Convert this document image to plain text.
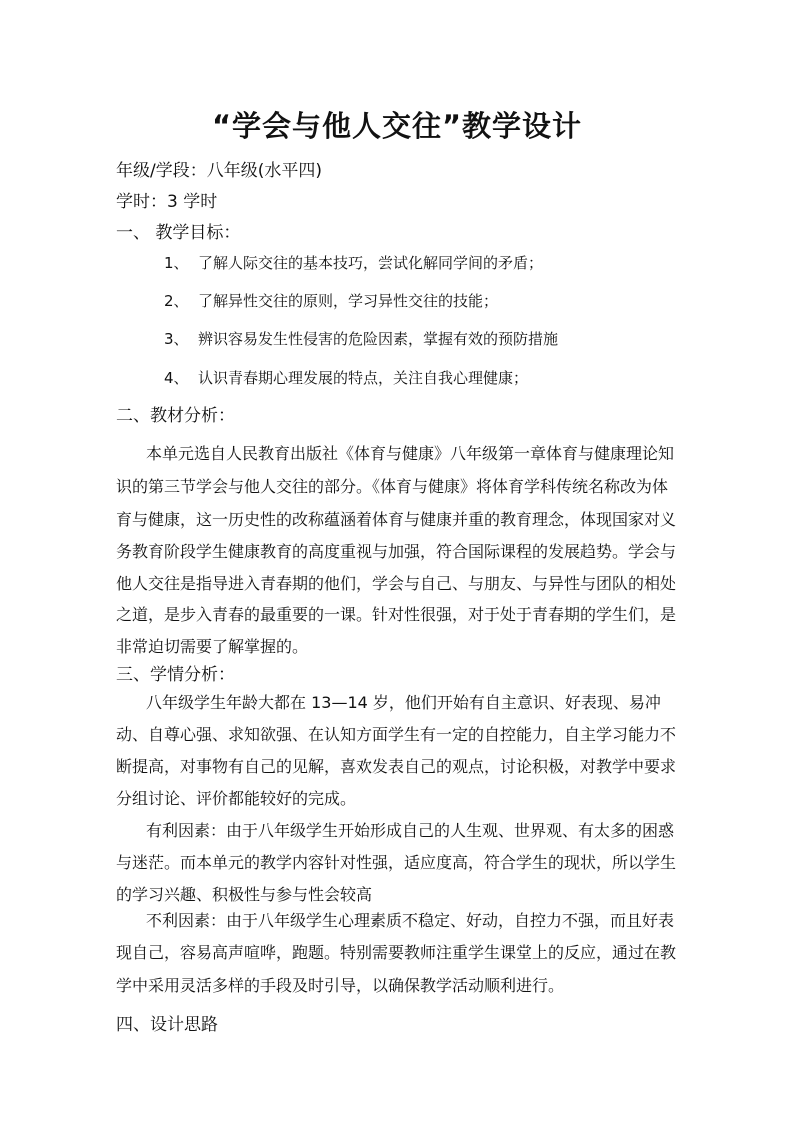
“学会与他人交往”教学设计
年级/学段：八年级(水平四)
学时：3 学时
一、 教学目标：
1、 了解人际交往的基本技巧，尝试化解同学间的矛盾；
2、 了解异性交往的原则，学习异性交往的技能；
3、 辨识容易发生性侵害的危险因素，掌握有效的预防措施
4、 认识青春期心理发展的特点，关注自我心理健康；
二、教材分析：
本单元选自人民教育出版社《体育与健康》八年级第一章体育与健康理论知
识的第三节学会与他人交往的部分。《体育与健康》将体育学科传统名称改为体
育与健康，这一历史性的改称蕴涵着体育与健康并重的教育理念，体现国家对义
务教育阶段学生健康教育的高度重视与加强，符合国际课程的发展趋势。学会与
他人交往是指导进入青春期的他们，学会与自己、与朋友、与异性与团队的相处
之道，是步入青春的最重要的一课。针对性很强，对于处于青春期的学生们，是
非常迫切需要了解掌握的。
三、学情分析：
八年级学生年龄大都在 13—14 岁，他们开始有自主意识、好表现、易冲
动、自尊心强、求知欲强、在认知方面学生有一定的自控能力，自主学习能力不
断提高，对事物有自己的见解，喜欢发表自己的观点，讨论积极，对教学中要求
分组讨论、评价都能较好的完成。
有利因素：由于八年级学生开始形成自己的人生观、世界观、有太多的困惑
与迷茫。而本单元的教学内容针对性强，适应度高，符合学生的现状，所以学生
的学习兴趣、积极性与参与性会较高
不利因素：由于八年级学生心理素质不稳定、好动，自控力不强，而且好表
现自己，容易高声喧哗，跑题。特别需要教师注重学生课堂上的反应，通过在教
学中采用灵活多样的手段及时引导，以确保教学活动顺利进行。
四、设计思路
